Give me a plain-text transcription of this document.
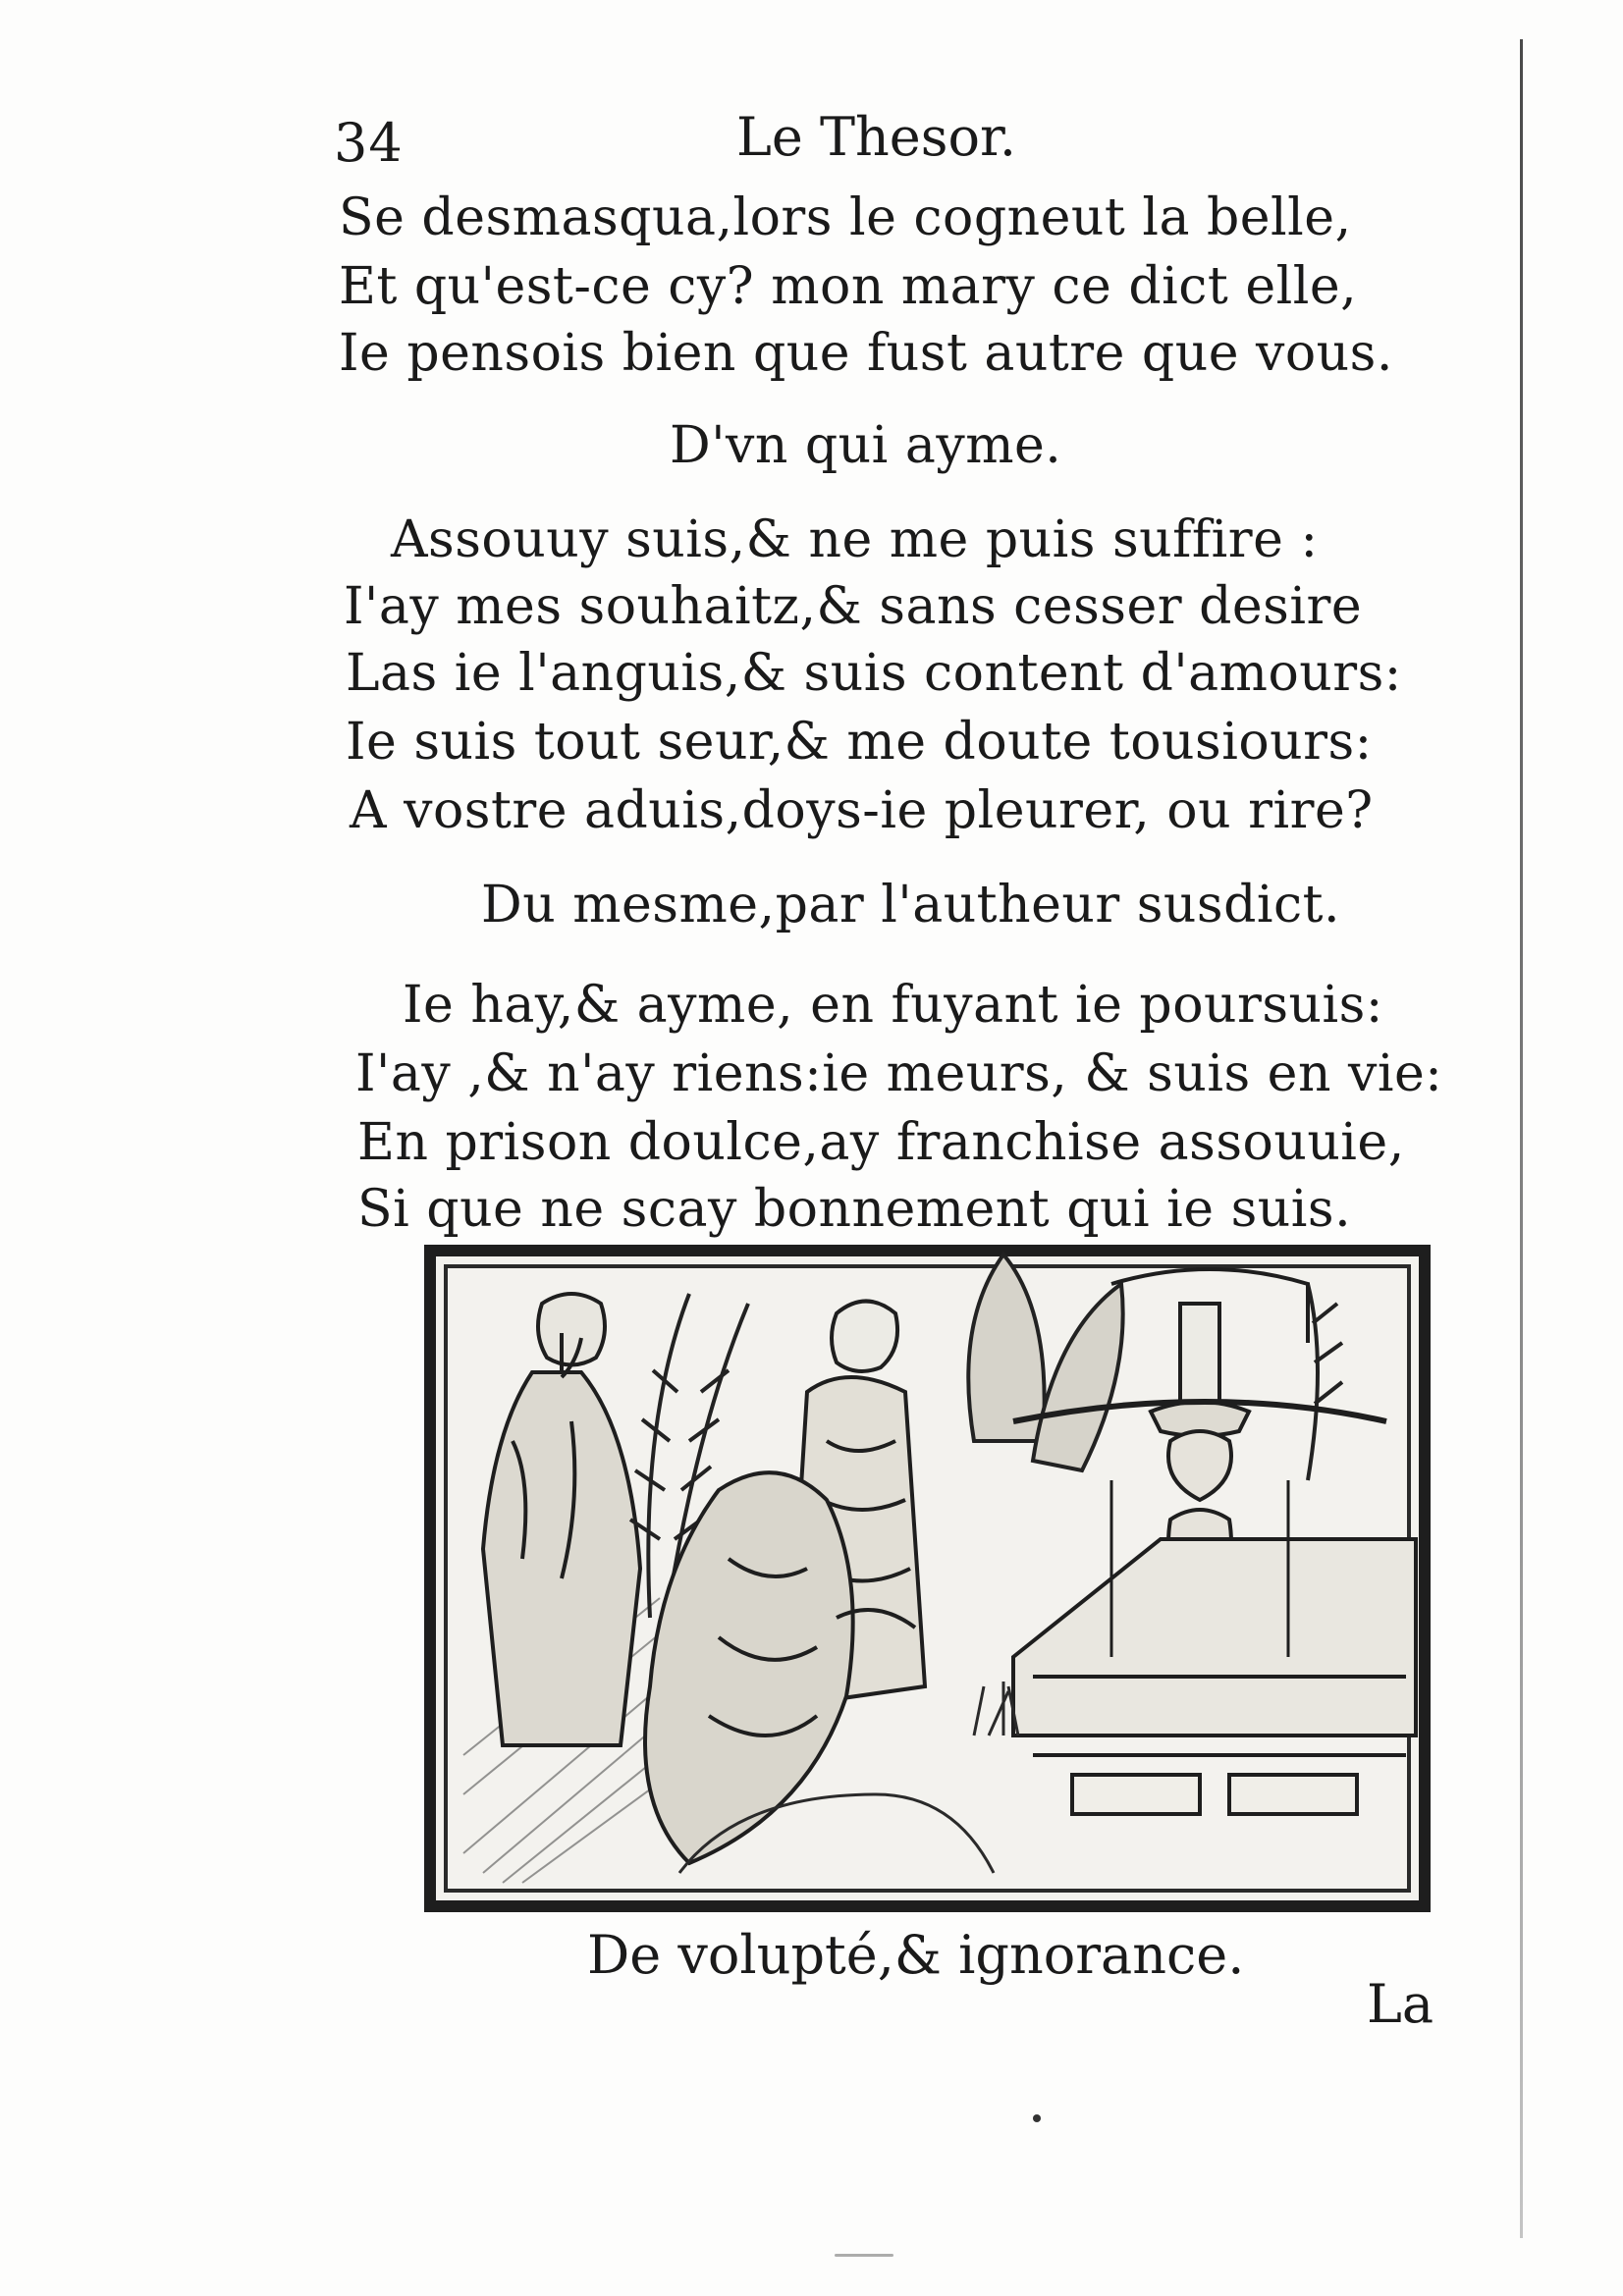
34	Le Thesor.
Se desmasqua,lors le cogneut la belle,
Et qu'est-ce cy? mon mary ce dict elle,
Ie pensois bien que fust autre que vous.
D'vn qui ayme.
Assouuy suis,& ne me puis suffire :
I'ay mes souhaitz,& sans cesser desire
Las ie l'anguis,& suis content d'amours:
Ie suis tout seur,& me doute tousiours:
A vostre aduis,doys-ie pleurer, ou rire?
Du mesme,par l'autheur susdict.
Ie hay,& ayme, en fuyant ie poursuis:
I'ay ,& n'ay riens:ie meurs, & suis en vie:
En prison doulce,ay franchise assouuie,
Si que ne scay bonnement qui ie suis.
De volupté,& ignorance.
La
